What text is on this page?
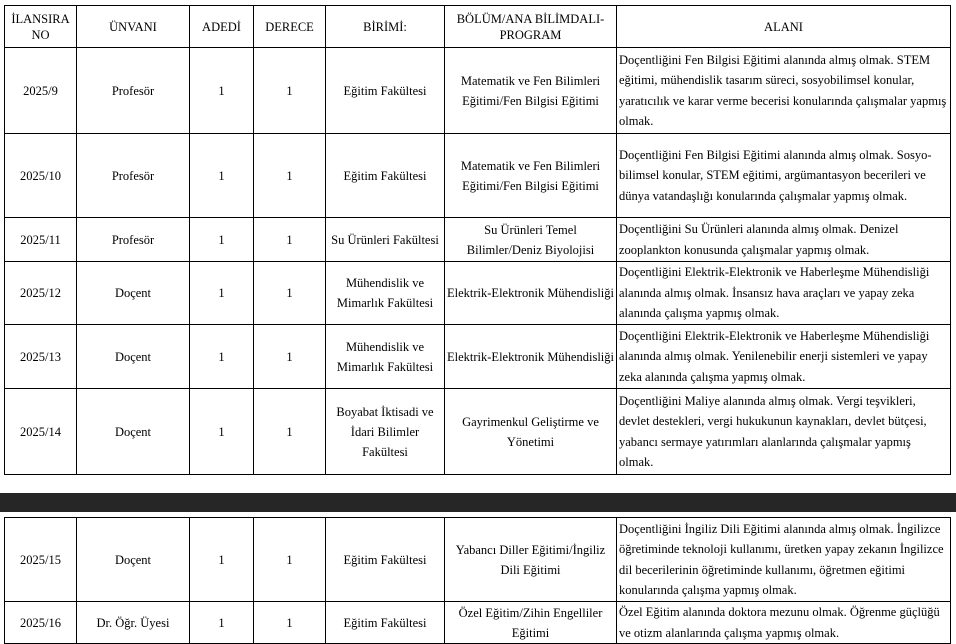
İLANSIRA NO	ÜNVANI	ADEDİ	DERECE	BİRİMİ:	BÖLÜM/ANA BİLİMDALI-PROGRAM	ALANI
2025/9	Profesör	1	1	Eğitim Fakültesi	Matematik ve Fen Bilimleri Eğitimi/Fen Bilgisi Eğitimi	Doçentliğini Fen Bilgisi Eğitimi alanında almış olmak. STEM eğitimi, mühendislik tasarım süreci, sosyobilimsel konular, yaratıcılık ve karar verme becerisi konularında çalışmalar yapmış olmak.
2025/10	Profesör	1	1	Eğitim Fakültesi	Matematik ve Fen Bilimleri Eğitimi/Fen Bilgisi Eğitimi	Doçentliğini Fen Bilgisi Eğitimi alanında almış olmak. Sosyo- bilimsel konular, STEM eğitimi, argümantasyon becerileri ve dünya vatandaşlığı konularında çalışmalar yapmış olmak.
2025/11	Profesör	1	1	Su Ürünleri Fakültesi	Su Ürünleri Temel Bilimler/Deniz Biyolojisi	Doçentliğini Su Ürünleri alanında almış olmak. Denizel zooplankton konusunda çalışmalar yapmış olmak.
2025/12	Doçent	1	1	Mühendislik ve Mimarlık Fakültesi	Elektrik-Elektronik Mühendisliği	Doçentliğini Elektrik-Elektronik ve Haberleşme Mühendisliği alanında almış olmak. İnsansız hava araçları ve yapay zeka alanında çalışma yapmış olmak.
2025/13	Doçent	1	1	Mühendislik ve Mimarlık Fakültesi	Elektrik-Elektronik Mühendisliği	Doçentliğini Elektrik-Elektronik ve Haberleşme Mühendisliği alanında almış olmak. Yenilenebilir enerji sistemleri ve yapay zeka alanında çalışma yapmış olmak.
2025/14	Doçent	1	1	Boyabat İktisadi ve İdari Bilimler Fakültesi	Gayrimenkul Geliştirme ve Yönetimi	Doçentliğini Maliye alanında almış olmak. Vergi teşvikleri, devlet destekleri, vergi hukukunun kaynakları, devlet bütçesi, yabancı sermaye yatırımları alanlarında çalışmalar yapmış olmak.
2025/15	Doçent	1	1	Eğitim Fakültesi	Yabancı Diller Eğitimi/İngiliz Dili Eğitimi	Doçentliğini İngiliz Dili Eğitimi alanında almış olmak. İngilizce öğretiminde teknoloji kullanımı, üretken yapay zekanın İngilizce dil becerilerinin öğretiminde kullanımı, öğretmen eğitimi konularında çalışma yapmış olmak.
2025/16	Dr. Öğr. Üyesi	1	1	Eğitim Fakültesi	Özel Eğitim/Zihin Engelliler Eğitimi	Özel Eğitim alanında doktora mezunu olmak. Öğrenme güçlüğü ve otizm alanlarında çalışma yapmış olmak.
